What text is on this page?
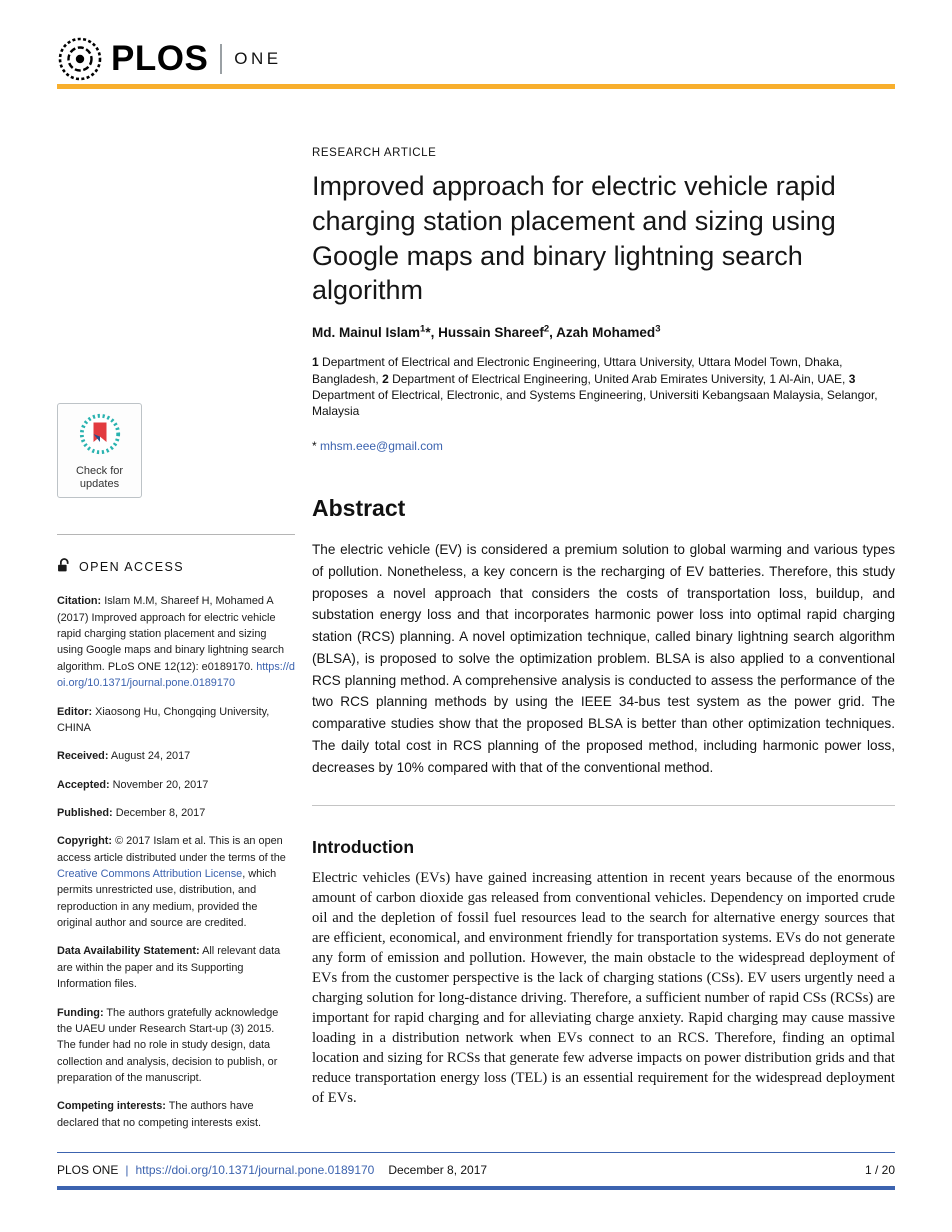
PLOS ONE
Check for
updates
OPEN ACCESS

Citation: Islam M.M, Shareef H, Mohamed A (2017) Improved approach for electric vehicle rapid charging station placement and sizing using Google maps and binary lightning search algorithm. PLoS ONE 12(12): e0189170. https://doi.org/10.1371/journal.pone.0189170

Editor: Xiaosong Hu, Chongqing University, CHINA

Received: August 24, 2017

Accepted: November 20, 2017

Published: December 8, 2017

Copyright: © 2017 Islam et al. This is an open access article distributed under the terms of the Creative Commons Attribution License, which permits unrestricted use, distribution, and reproduction in any medium, provided the original author and source are credited.

Data Availability Statement: All relevant data are within the paper and its Supporting Information files.

Funding: The authors gratefully acknowledge the UAEU under Research Start-up (3) 2015. The funder had no role in study design, data collection and analysis, decision to publish, or preparation of the manuscript.

Competing interests: The authors have declared that no competing interests exist.

RESEARCH ARTICLE
Improved approach for electric vehicle rapid charging station placement and sizing using Google maps and binary lightning search algorithm
Md. Mainul Islam$^1$*, Hussain Shareef$^2$, Azah Mohamed$^3$

1 Department of Electrical and Electronic Engineering, Uttara University, Uttara Model Town, Dhaka, Bangladesh, 2 Department of Electrical Engineering, United Arab Emirates University, 1 Al-Ain, UAE, 3 Department of Electrical, Electronic, and Systems Engineering, Universiti Kebangsaan Malaysia, Selangor, Malaysia

* mhsm.eee@gmail.com

Abstract

The electric vehicle (EV) is considered a premium solution to global warming and various types of pollution. Nonetheless, a key concern is the recharging of EV batteries. Therefore, this study proposes a novel approach that considers the costs of transportation loss, buildup, and substation energy loss and that incorporates harmonic power loss into optimal rapid charging station (RCS) planning. A novel optimization technique, called binary lightning search algorithm (BLSA), is proposed to solve the optimization problem. BLSA is also applied to a conventional RCS planning method. A comprehensive analysis is conducted to assess the performance of the two RCS planning methods by using the IEEE 34-bus test system as the power grid. The comparative studies show that the proposed BLSA is better than other optimization techniques. The daily total cost in RCS planning of the proposed method, including harmonic power loss, decreases by 10% compared with that of the conventional method.

Introduction

Electric vehicles (EVs) have gained increasing attention in recent years because of the enormous amount of carbon dioxide gas released from conventional vehicles. Dependency on imported crude oil and the depletion of fossil fuel resources lead to the search for alternative energy sources that are efficient, economical, and environment friendly for transportation systems. EVs do not generate any form of emission and pollution. However, the main obstacle to the widespread deployment of EVs from the customer perspective is the lack of charging stations (CSs). EV users urgently need a charging solution for long-distance driving. Therefore, a sufficient number of rapid CSs (RCSs) are important for rapid charging and for alleviating charge anxiety. Rapid charging may cause massive loading in a distribution network when EVs connect to an RCS. Therefore, finding an optimal location and sizing for RCSs that generate few adverse impacts on power distribution grids and that reduce transportation energy loss (TEL) is an essential requirement for the widespread deployment of EVs.

PLOS ONE | https://doi.org/10.1371/journal.pone.0189170 December 8, 2017	1 / 20
